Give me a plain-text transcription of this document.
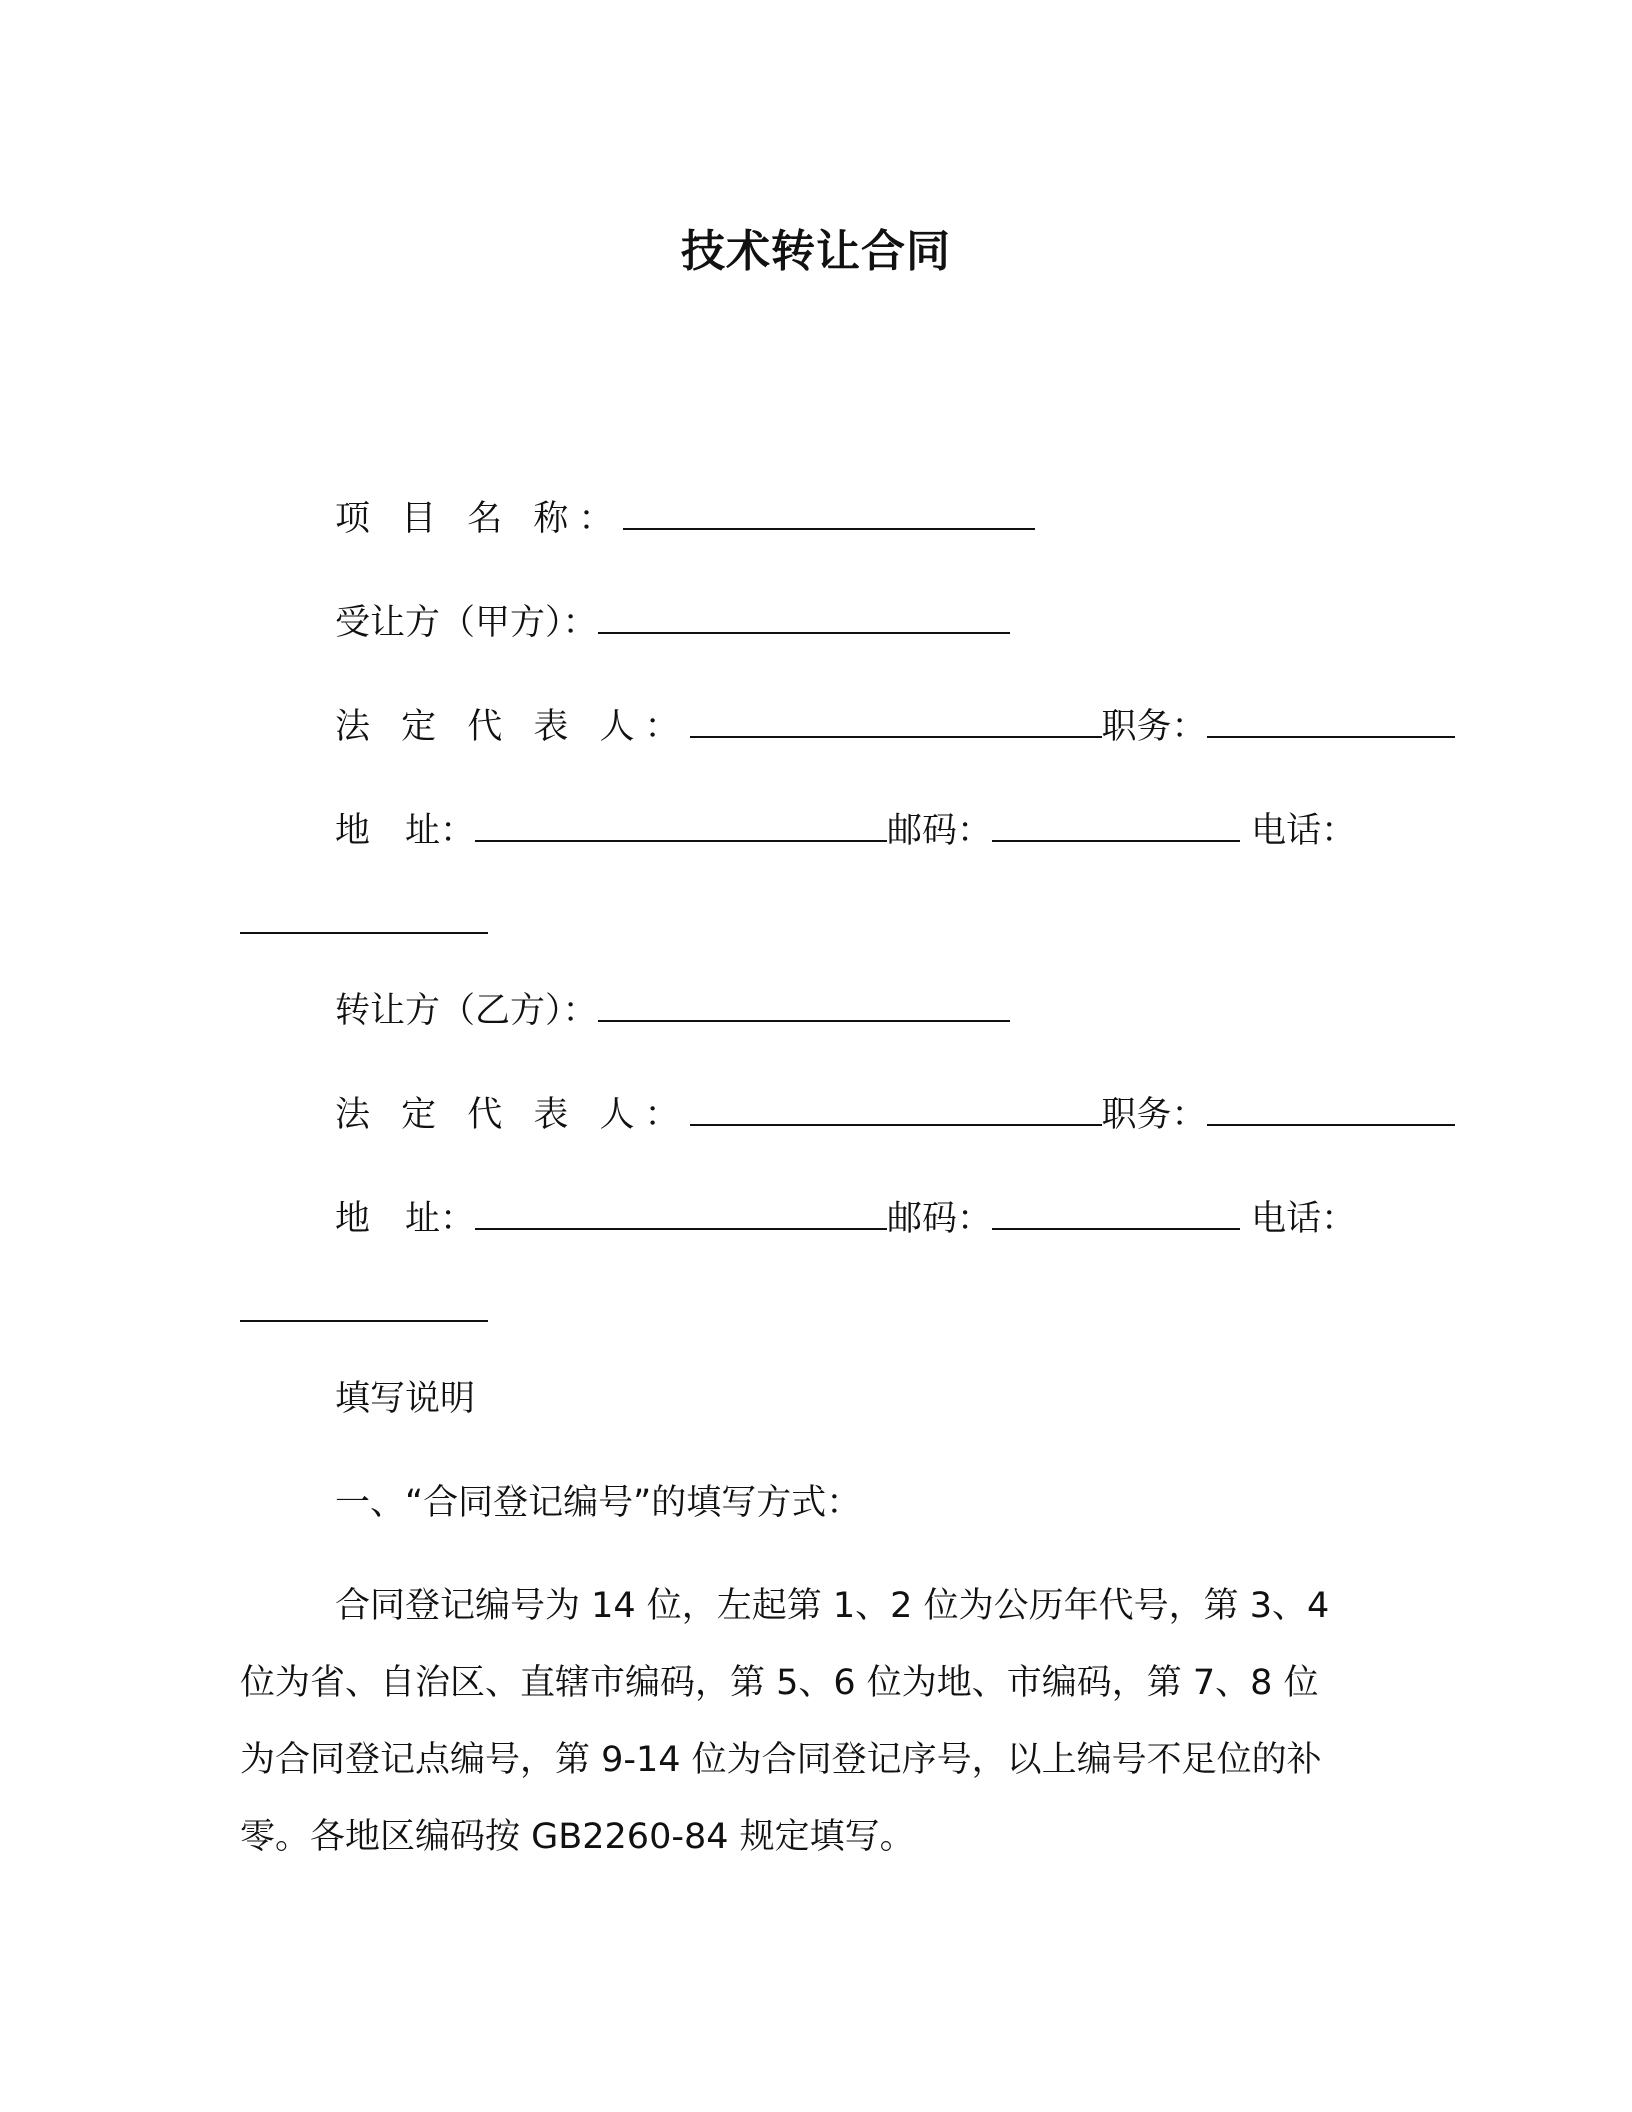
技术转让合同
项 目 名 称：
受让方（甲方）：
法 定 代 表 人：	职务：
地　址：	邮码：	电话：
转让方（乙方）：
法 定 代 表 人：	职务：
地　址：	邮码：	电话：
填写说明
一、“合同登记编号”的填写方式：
合同登记编号为 14 位，左起第 1、2 位为公历年代号，第 3、4
位为省、自治区、直辖市编码，第 5、6 位为地、市编码，第 7、8 位
为合同登记点编号，第 9-14 位为合同登记序号，以上编号不足位的补
零。各地区编码按 GB2260-84 规定填写。
